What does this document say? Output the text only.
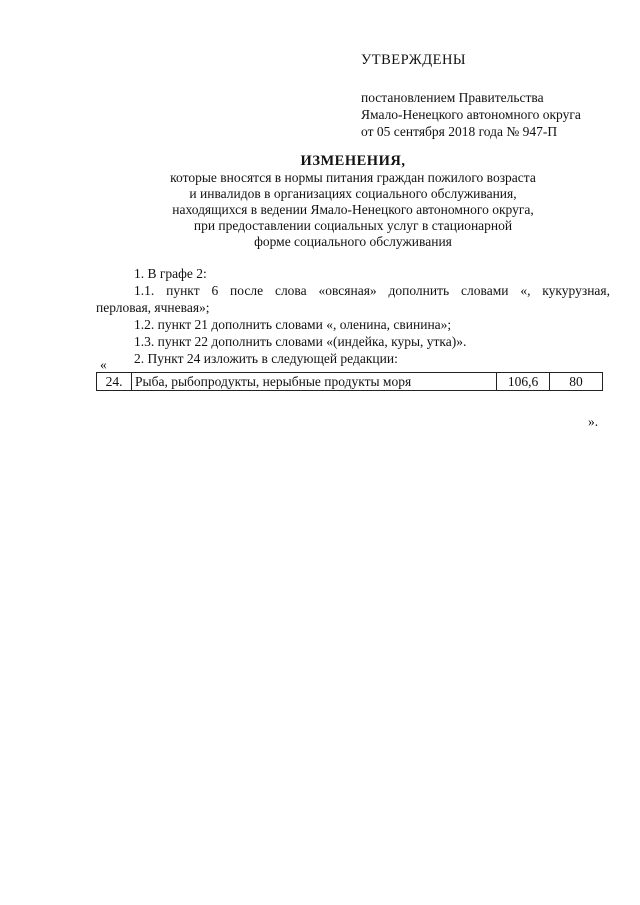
УТВЕРЖДЕНЫ
постановлением Правительства
Ямало-Ненецкого автономного округа
от 05 сентября 2018 года № 947-П
ИЗМЕНЕНИЯ,
которые вносятся в нормы питания граждан пожилого возраста
и инвалидов в организациях социального обслуживания,
находящихся в ведении Ямало-Ненецкого автономного округа,
при предоставлении социальных услуг в стационарной
форме социального обслуживания
1. В графе 2:
1.1. пункт 6 после слова «овсяная» дополнить словами «, кукурузная,
перловая, ячневая»;
1.2. пункт 21 дополнить словами «, оленина, свинина»;
1.3. пункт 22 дополнить словами «(индейка, куры, утка)».
2. Пункт 24 изложить в следующей редакции:
«
24.	Рыба, рыбопродукты, нерыбные продукты моря	106,6	80
».
